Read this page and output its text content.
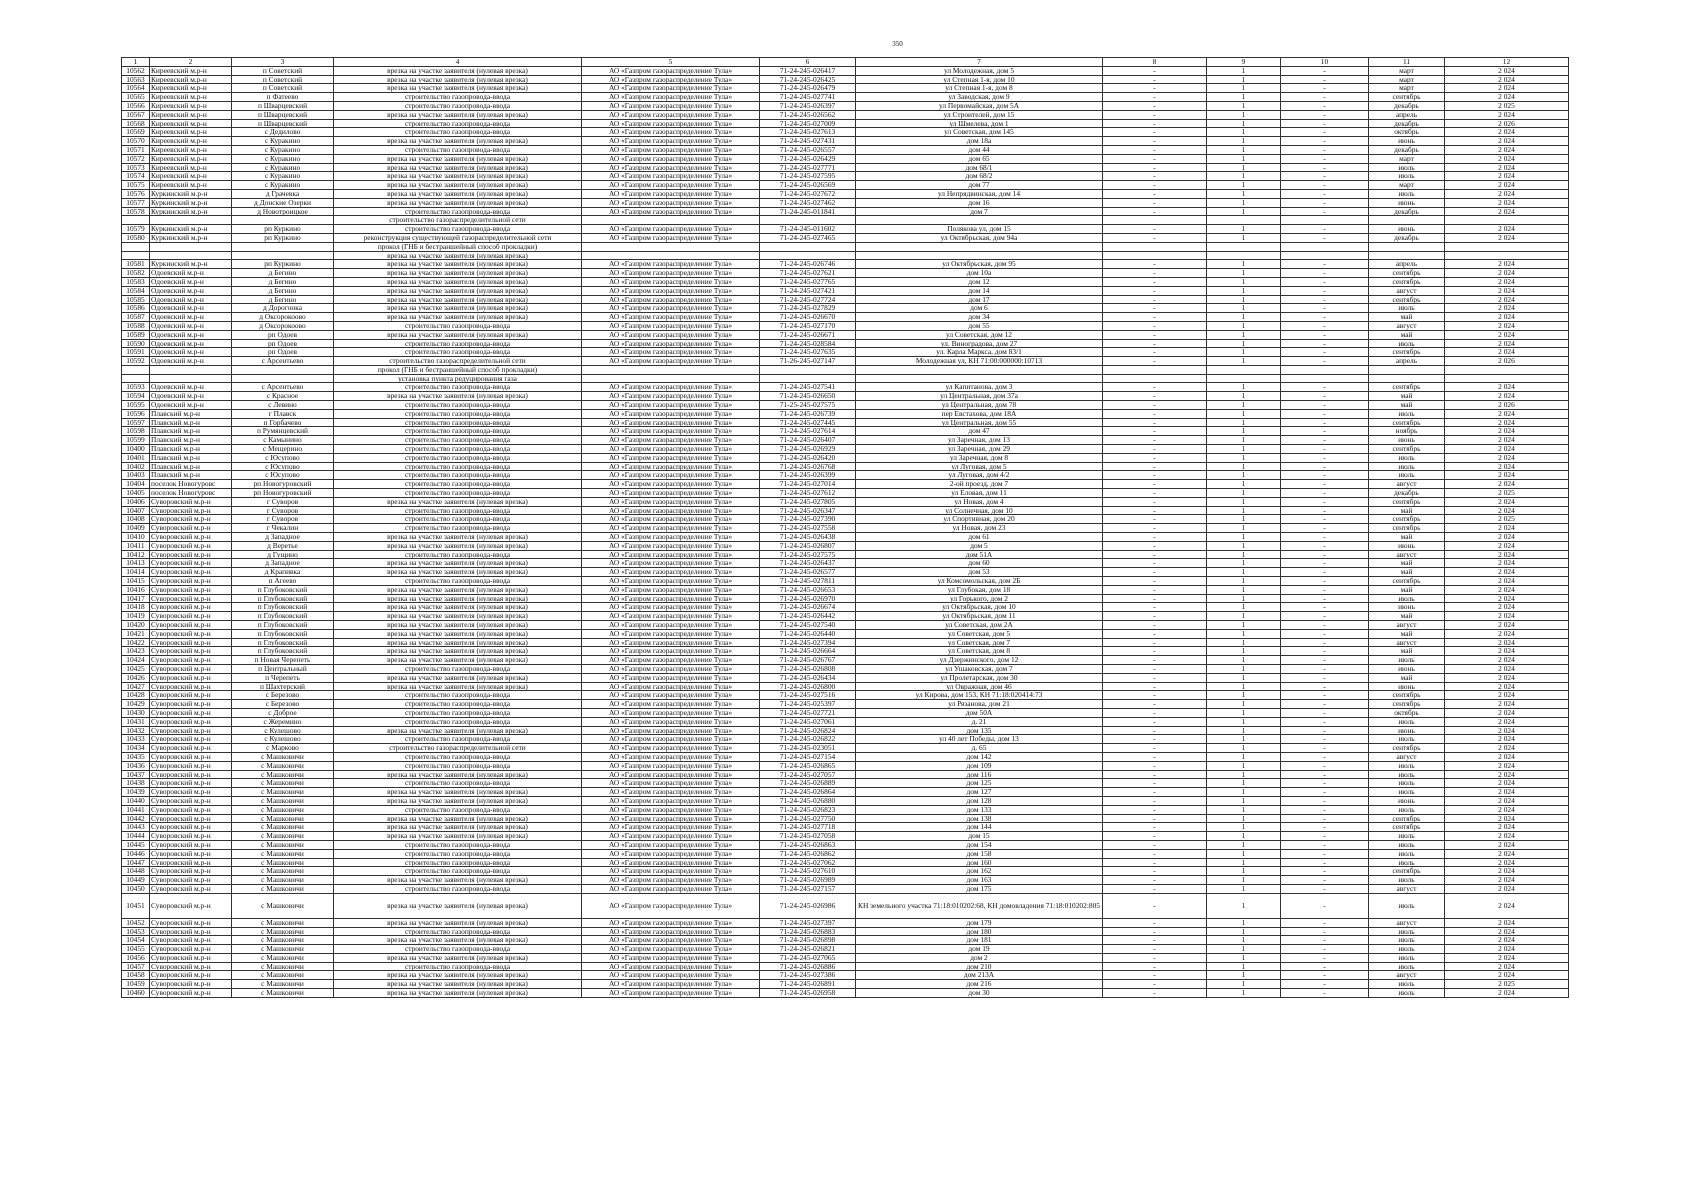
350
1	2	3	4	5	6	7	8	9	10	11	12
10562	Киреевский м.р-н	п Советский	врезка на участке заявителя (нулевая врезка)	АО «Газпром газораспределение Тула»	71-24-245-026417	ул Молодежная, дом 5	-	1	-	март	2 024
10563	Киреевский м.р-н	п Советский	врезка на участке заявителя (нулевая врезка)	АО «Газпром газораспределение Тула»	71-24-245-026425	ул Степная 1-я, дом 10	-	1	-	март	2 024
10564	Киреевский м.р-н	п Советский	врезка на участке заявителя (нулевая врезка)	АО «Газпром газораспределение Тула»	71-24-245-026479	ул Степная 1-я, дом 8	-	1	-	март	2 024
10565	Киреевский м.р-н	п Фатеево	строительство газопровода-ввода	АО «Газпром газораспределение Тула»	71-24-245-027741	ул Заводская, дом 9	-	1	-	сентябрь	2 024
10566	Киреевский м.р-н	п Шварцевский	строительство газопровода-ввода	АО «Газпром газораспределение Тула»	71-24-245-026397	ул Первомайская, дом 5А	-	1	-	декабрь	2 025
10567	Киреевский м.р-н	п Шварцевский	врезка на участке заявителя (нулевая врезка)	АО «Газпром газораспределение Тула»	71-24-245-026562	ул Строителей, дом 15	-	1	-	апрель	2 024
10568	Киреевский м.р-н	п Шварцевский	строительство газопровода-ввода	АО «Газпром газораспределение Тула»	71-24-245-027009	ул Шмелева, дом 1	-	1	-	декабрь	2 026
10569	Киреевский м.р-н	с Дедилово	строительство газопровода-ввода	АО «Газпром газораспределение Тула»	71-24-245-027613	ул Советская, дом 145	-	1	-	октябрь	2 024
10570	Киреевский м.р-н	с Куракино	врезка на участке заявителя (нулевая врезка)	АО «Газпром газораспределение Тула»	71-24-245-027431	дом 18а	-	1	-	июнь	2 024
10571	Киреевский м.р-н	с Куракино	строительство газопровода-ввода	АО «Газпром газораспределение Тула»	71-24-245-026557	дом 44	-	1	-	декабрь	2 024
10572	Киреевский м.р-н	с Куракино	врезка на участке заявителя (нулевая врезка)	АО «Газпром газораспределение Тула»	71-24-245-026429	дом 65	-	1	-	март	2 024
10573	Киреевский м.р-н	с Куракино	врезка на участке заявителя (нулевая врезка)	АО «Газпром газораспределение Тула»	71-24-245-027771	дом 68/1	-	1	-	июль	2 024
10574	Киреевский м.р-н	с Куракино	врезка на участке заявителя (нулевая врезка)	АО «Газпром газораспределение Тула»	71-24-245-027595	дом 68/2	-	1	-	июль	2 024
10575	Киреевский м.р-н	с Куракино	врезка на участке заявителя (нулевая врезка)	АО «Газпром газораспределение Тула»	71-24-245-026569	дом 77	-	1	-	март	2 024
10576	Куркинский м.р-н	д Грачевка	врезка на участке заявителя (нулевая врезка)	АО «Газпром газораспределение Тула»	71-24-245-027672	ул Непрядвинская, дом 14	-	1	-	июль	2 024
10577	Куркинский м.р-н	д Донские Озерки	врезка на участке заявителя (нулевая врезка)	АО «Газпром газораспределение Тула»	71-24-245-027462	дом 16	-	1	-	июнь	2 024
10578	Куркинский м.р-н	д Новотроицкое	строительство газопровода-ввода	АО «Газпром газораспределение Тула»	71-24-245-011841	дом 7	-	1	-	декабрь	2 024
			строительство газораспределительной сети								
10579	Куркинский м.р-н	рп Куркино	строительство газопровода-ввода	АО «Газпром газораспределение Тула»	71-24-245-011602	Полякова ул, дом 15	-	1	-	июнь	2 024
10580	Куркинский м.р-н	рп Куркино	реконструкция существующей газораспределительной сети	АО «Газпром газораспределение Тула»	71-24-245-027465	ул Октябрьская, дом 94а	-	1	-	декабрь	2 024
			прокол (ГНБ и бестраншейный способ прокладки)								
			врезка на участке заявителя (нулевая врезка)								
10581	Куркинский м.р-н	рп Куркино	врезка на участке заявителя (нулевая врезка)	АО «Газпром газораспределение Тула»	71-24-245-026746	ул Октябрьская, дом 95	-	1	-	апрель	2 024
10582	Одоевский м.р-н	д Бегино	врезка на участке заявителя (нулевая врезка)	АО «Газпром газораспределение Тула»	71-24-245-027621	дом 10а	-	1	-	сентябрь	2 024
10583	Одоевский м.р-н	д Бегино	врезка на участке заявителя (нулевая врезка)	АО «Газпром газораспределение Тула»	71-24-245-027765	дом 12	-	1	-	сентябрь	2 024
10584	Одоевский м.р-н	д Бегино	врезка на участке заявителя (нулевая врезка)	АО «Газпром газораспределение Тула»	71-24-245-027421	дом 14	-	1	-	август	2 024
10585	Одоевский м.р-н	д Бегино	врезка на участке заявителя (нулевая врезка)	АО «Газпром газораспределение Тула»	71-24-245-027724	дом 17	-	1	-	сентябрь	2 024
10586	Одоевский м.р-н	д Дорогонка	врезка на участке заявителя (нулевая врезка)	АО «Газпром газораспределение Тула»	71-24-245-027829	дом 6	-	1	-	июль	2 024
10587	Одоевский м.р-н	д Оксорокоово	врезка на участке заявителя (нулевая врезка)	АО «Газпром газораспределение Тула»	71-24-245-026670	дом 34	-	1	-	май	2 024
10588	Одоевский м.р-н	д Оксорокоово	строительство газопровода-ввода	АО «Газпром газораспределение Тула»	71-24-245-027170	дом 55	-	1	-	август	2 024
10589	Одоевский м.р-н	рп Одоев	врезка на участке заявителя (нулевая врезка)	АО «Газпром газораспределение Тула»	71-24-245-026671	ул Советская, дом 12	-	1	-	май	2 024
10590	Одоевский м.р-н	рп Одоев	строительство газопровода-ввода	АО «Газпром газораспределение Тула»	71-24-245-028584	ул. Виноградова, дом 27	-	1	-	июль	2 024
10591	Одоевский м.р-н	рп Одоев	строительство газопровода-ввода	АО «Газпром газораспределение Тула»	71-24-245-027635	ул. Карла Маркса, дом 83/1	-	1	-	сентябрь	2 024
10592	Одоевский м.р-н	с Арсентьево	строительство газораспределительной сети	АО «Газпром газораспределение Тула»	71-26-245-027147	Молодежная ул, КН 71:00:000000:10713	-	1	-	апрель	2 026
			прокол (ГНБ и бестраншейный способ прокладки)								
			установка пункта редуцирования газа								
10593	Одоевский м.р-н	с Арсентьево	строительство газопровода-ввода	АО «Газпром газораспределение Тула»	71-24-245-027541	ул Капитанова, дом 3	-	1	-	сентябрь	2 024
10594	Одоевский м.р-н	с Красное	врезка на участке заявителя (нулевая врезка)	АО «Газпром газораспределение Тула»	71-24-245-026650	ул Центральная, дом 37а	-	1	-	май	2 024
10595	Одоевский м.р-н	с Левино	строительство газопровода-ввода	АО «Газпром газораспределение Тула»	71-25-245-027575	ул Центральная, дом 78	-	1	-	май	2 026
10596	Плавский м.р-н	г Плавск	строительство газопровода-ввода	АО «Газпром газораспределение Тула»	71-24-245-026739	пер Евстахова, дом 18А	-	1	-	июль	2 024
10597	Плавский м.р-н	п Горбачево	строительство газопровода-ввода	АО «Газпром газораспределение Тула»	71-24-245-027445	ул Центральная, дом 55	-	1	-	сентябрь	2 024
10598	Плавский м.р-н	п Румянцевский	строительство газопровода-ввода	АО «Газпром газораспределение Тула»	71-24-245-027614	дом 47	-	1	-	ноябрь	2 024
10599	Плавский м.р-н	с Камынино	строительство газопровода-ввода	АО «Газпром газораспределение Тула»	71-24-245-026407	ул Заречная, дом 13	-	1	-	июнь	2 024
10400	Плавский м.р-н	с Мещерино	строительство газопровода-ввода	АО «Газпром газораспределение Тула»	71-24-245-026929	ул Заречная, дом 29	-	1	-	сентябрь	2 024
10401	Плавский м.р-н	с Юсупово	строительство газопровода-ввода	АО «Газпром газораспределение Тула»	71-24-245-026420	ул Заречная, дом 8	-	1	-	июль	2 024
10402	Плавский м.р-н	с Юсупово	строительство газопровода-ввода	АО «Газпром газораспределение Тула»	71-24-245-026768	ул Луговая, дом 5	-	1	-	июль	2 024
10403	Плавский м.р-н	с Юсупово	строительство газопровода-ввода	АО «Газпром газораспределение Тула»	71-24-245-026399	ул Луговая, дом 4/2	-	1	-	июль	2 024
10404	поселок Новогуровс	рп Новогуровский	строительство газопровода-ввода	АО «Газпром газораспределение Тула»	71-24-245-027014	2-ой проезд, дом 7	-	1	-	август	2 024
10405	поселок Новогуровс	рп Новогуровский	строительство газопровода-ввода	АО «Газпром газораспределение Тула»	71-24-245-027612	ул Еловая, дом 11	-	1	-	декабрь	2 025
10406	Суворовский м.р-н	г Суворов	врезка на участке заявителя (нулевая врезка)	АО «Газпром газораспределение Тула»	71-24-245-027805	ул Новая, дом 4	-	1	-	сентябрь	2 024
10407	Суворовский м.р-н	г Суворов	строительство газопровода-ввода	АО «Газпром газораспределение Тула»	71-24-245-026347	ул Солнечная, дом 10	-	1	-	май	2 024
10408	Суворовский м.р-н	г Суворов	строительство газопровода-ввода	АО «Газпром газораспределение Тула»	71-24-245-027390	ул Спортивная, дом 20	-	1	-	сентябрь	2 025
10409	Суворовский м.р-н	г Чекалин	строительство газопровода-ввода	АО «Газпром газораспределение Тула»	71-24-245-027558	ул Новая, дом 23	-	1	-	сентябрь	2 024
10410	Суворовский м.р-н	д Западное	врезка на участке заявителя (нулевая врезка)	АО «Газпром газораспределение Тула»	71-24-245-026438	дом 61	-	1	-	май	2 024
10411	Суворовский м.р-н	д Веретье	врезка на участке заявителя (нулевая врезка)	АО «Газпром газораспределение Тула»	71-24-245-026807	дом 5	-	1	-	июнь	2 024
10412	Суворовский м.р-н	д Гущино	строительство газопровода-ввода	АО «Газпром газораспределение Тула»	71-24-245-027575	дом 51А	-	1	-	август	2 024
10413	Суворовский м.р-н	д Западное	врезка на участке заявителя (нулевая врезка)	АО «Газпром газораспределение Тула»	71-24-245-026437	дом 60	-	1	-	май	2 024
10414	Суворовский м.р-н	д Крапивка	врезка на участке заявителя (нулевая врезка)	АО «Газпром газораспределение Тула»	71-24-245-026577	дом 53	-	1	-	май	2 024
10415	Суворовский м.р-н	п Агеево	строительство газопровода-ввода	АО «Газпром газораспределение Тула»	71-24-245-027811	ул Комсомольская, дом 2Б	-	1	-	сентябрь	2 024
10416	Суворовский м.р-н	п Глубоковский	врезка на участке заявителя (нулевая врезка)	АО «Газпром газораспределение Тула»	71-24-245-026653	ул Глубокая, дом 18	-	1	-	май	2 024
10417	Суворовский м.р-н	п Глубоковский	врезка на участке заявителя (нулевая врезка)	АО «Газпром газораспределение Тула»	71-24-245-026970	ул Горького, дом 2	-	1	-	июль	2 024
10418	Суворовский м.р-н	п Глубоковский	врезка на участке заявителя (нулевая врезка)	АО «Газпром газораспределение Тула»	71-24-245-026674	ул Октябрьская, дом 10	-	1	-	июнь	2 024
10419	Суворовский м.р-н	п Глубоковский	врезка на участке заявителя (нулевая врезка)	АО «Газпром газораспределение Тула»	71-24-245-026442	ул Октябрьская, дом 11	-	1	-	май	2 024
10420	Суворовский м.р-н	п Глубоковский	врезка на участке заявителя (нулевая врезка)	АО «Газпром газораспределение Тула»	71-24-245-027540	ул Советская, дом 2А	-	1	-	август	2 024
10421	Суворовский м.р-н	п Глубоковский	врезка на участке заявителя (нулевая врезка)	АО «Газпром газораспределение Тула»	71-24-245-026440	ул Советская, дом 5	-	1	-	май	2 024
10422	Суворовский м.р-н	п Глубоковский	врезка на участке заявителя (нулевая врезка)	АО «Газпром газораспределение Тула»	71-24-245-027394	ул Советская, дом 7	-	1	-	август	2 024
10423	Суворовский м.р-н	п Глубоковский	врезка на участке заявителя (нулевая врезка)	АО «Газпром газораспределение Тула»	71-24-245-026664	ул Советская, дом 8	-	1	-	май	2 024
10424	Суворовский м.р-н	п Новая Черепеть	врезка на участке заявителя (нулевая врезка)	АО «Газпром газораспределение Тула»	71-24-245-026767	ул Дзержинского, дом 12	-	1	-	июль	2 024
10425	Суворовский м.р-н	п Центральный	строительство газопровода-ввода	АО «Газпром газораспределение Тула»	71-24-245-026808	ул Ушаковская, дом 7	-	1	-	июнь	2 024
10426	Суворовский м.р-н	п Черепеть	врезка на участке заявителя (нулевая врезка)	АО «Газпром газораспределение Тула»	71-24-245-026434	ул Пролетарская, дом 30	-	1	-	май	2 024
10427	Суворовский м.р-н	п Шахтерский	врезка на участке заявителя (нулевая врезка)	АО «Газпром газораспределение Тула»	71-24-245-026800	ул Овражная, дом 46	-	1	-	июнь	2 024
10428	Суворовский м.р-н	с Березово	строительство газопровода-ввода	АО «Газпром газораспределение Тула»	71-24-245-027516	ул Кирова, дом 153, КН 71:18:020414:73	-	1	-	сентябрь	2 024
10429	Суворовский м.р-н	с Березово	строительство газопровода-ввода	АО «Газпром газораспределение Тула»	71-24-245-025397	ул Рязанова, дом 21	-	1	-	сентябрь	2 024
10430	Суворовский м.р-н	с Доброе	строительство газопровода-ввода	АО «Газпром газораспределение Тула»	71-24-245-027721	дом 50А	-	1	-	октябрь	2 024
10431	Суворовский м.р-н	с Жеремино	строительство газопровода-ввода	АО «Газпром газораспределение Тула»	71-24-245-027061	д. 21	-	1	-	июль	2 024
10432	Суворовский м.р-н	с Кулешово	врезка на участке заявителя (нулевая врезка)	АО «Газпром газораспределение Тула»	71-24-245-026824	дом 135	-	1	-	июнь	2 024
10433	Суворовский м.р-н	с Кулешово	строительство газопровода-ввода	АО «Газпром газораспределение Тула»	71-24-245-026822	ул 40 лет Победы, дом 13	-	1	-	июль	2 024
10434	Суворовский м.р-н	с Марково	строительство газораспределительной сети	АО «Газпром газораспределение Тула»	71-24-245-023051	д. 65	-	1	-	сентябрь	2 024
10435	Суворовский м.р-н	с Машковичи	строительство газопровода-ввода	АО «Газпром газораспределение Тула»	71-24-245-027154	дом 142	-	1	-	август	2 024
10436	Суворовский м.р-н	с Машковичи	строительство газопровода-ввода	АО «Газпром газораспределение Тула»	71-24-245-026865	дом 109	-	1	-	июль	2 024
10437	Суворовский м.р-н	с Машковичи	врезка на участке заявителя (нулевая врезка)	АО «Газпром газораспределение Тула»	71-24-245-027057	дом 116	-	1	-	июль	2 024
10438	Суворовский м.р-н	с Машковичи	строительство газопровода-ввода	АО «Газпром газораспределение Тула»	71-24-245-026889	дом 125	-	1	-	июль	2 024
10439	Суворовский м.р-н	с Машковичи	врезка на участке заявителя (нулевая врезка)	АО «Газпром газораспределение Тула»	71-24-245-026864	дом 127	-	1	-	июль	2 024
10440	Суворовский м.р-н	с Машковичи	врезка на участке заявителя (нулевая врезка)	АО «Газпром газораспределение Тула»	71-24-245-026880	дом 128	-	1	-	июнь	2 024
10441	Суворовский м.р-н	с Машковичи	строительство газопровода-ввода	АО «Газпром газораспределение Тула»	71-24-245-026823	дом 133	-	1	-	июль	2 024
10442	Суворовский м.р-н	с Машковичи	врезка на участке заявителя (нулевая врезка)	АО «Газпром газораспределение Тула»	71-24-245-027750	дом 138	-	1	-	сентябрь	2 024
10443	Суворовский м.р-н	с Машковичи	врезка на участке заявителя (нулевая врезка)	АО «Газпром газораспределение Тула»	71-24-245-027718	дом 144	-	1	-	сентябрь	2 024
10444	Суворовский м.р-н	с Машковичи	врезка на участке заявителя (нулевая врезка)	АО «Газпром газораспределение Тула»	71-24-245-027058	дом 15	-	1	-	июль	2 024
10445	Суворовский м.р-н	с Машковичи	строительство газопровода-ввода	АО «Газпром газораспределение Тула»	71-24-245-026863	дом 154	-	1	-	июль	2 024
10446	Суворовский м.р-н	с Машковичи	строительство газопровода-ввода	АО «Газпром газораспределение Тула»	71-24-245-026862	дом 158	-	1	-	июль	2 024
10447	Суворовский м.р-н	с Машковичи	строительство газопровода-ввода	АО «Газпром газораспределение Тула»	71-24-245-027062	дом 160	-	1	-	июль	2 024
10448	Суворовский м.р-н	с Машковичи	строительство газопровода-ввода	АО «Газпром газораспределение Тула»	71-24-245-027610	дом 162	-	1	-	сентябрь	2 024
10449	Суворовский м.р-н	с Машковичи	врезка на участке заявителя (нулевая врезка)	АО «Газпром газораспределение Тула»	71-24-245-026989	дом 163	-	1	-	июль	2 024
10450	Суворовский м.р-н	с Машковичи	строительство газопровода-ввода	АО «Газпром газораспределение Тула»	71-24-245-027157	дом 175	-	1	-	август	2 024
10451	Суворовский м.р-н	с Машковичи	врезка на участке заявителя (нулевая врезка)	АО «Газпром газораспределение Тула»	71-24-245-026986	КН земельного участка 71:18:010202:68, КН домовладения 71:18:010202:805	-	1	-	июль	2 024
10452	Суворовский м.р-н	с Машковичи	врезка на участке заявителя (нулевая врезка)	АО «Газпром газораспределение Тула»	71-24-245-027397	дом 179	-	1	-	август	2 024
10453	Суворовский м.р-н	с Машковичи	строительство газопровода-ввода	АО «Газпром газораспределение Тула»	71-24-245-026883	дом 180	-	1	-	июль	2 024
10454	Суворовский м.р-н	с Машковичи	врезка на участке заявителя (нулевая врезка)	АО «Газпром газораспределение Тула»	71-24-245-026898	дом 181	-	1	-	июль	2 024
10455	Суворовский м.р-н	с Машковичи	строительство газопровода-ввода	АО «Газпром газораспределение Тула»	71-24-245-026821	дом 19	-	1	-	июль	2 024
10456	Суворовский м.р-н	с Машковичи	врезка на участке заявителя (нулевая врезка)	АО «Газпром газораспределение Тула»	71-24-245-027065	дом 2	-	1	-	июль	2 024
10457	Суворовский м.р-н	с Машковичи	строительство газопровода-ввода	АО «Газпром газораспределение Тула»	71-24-245-026886	дом 210	-	1	-	июль	2 024
10458	Суворовский м.р-н	с Машковичи	врезка на участке заявителя (нулевая врезка)	АО «Газпром газораспределение Тула»	71-24-245-027386	дом 213А	-	1	-	август	2 024
10459	Суворовский м.р-н	с Машковичи	врезка на участке заявителя (нулевая врезка)	АО «Газпром газораспределение Тула»	71-24-245-026891	дом 216	-	1	-	июль	2 025
10460	Суворовский м.р-н	с Машковичи	врезка на участке заявителя (нулевая врезка)	АО «Газпром газораспределение Тула»	71-24-245-026958	дом 30	-	1	-	июль	2 024
